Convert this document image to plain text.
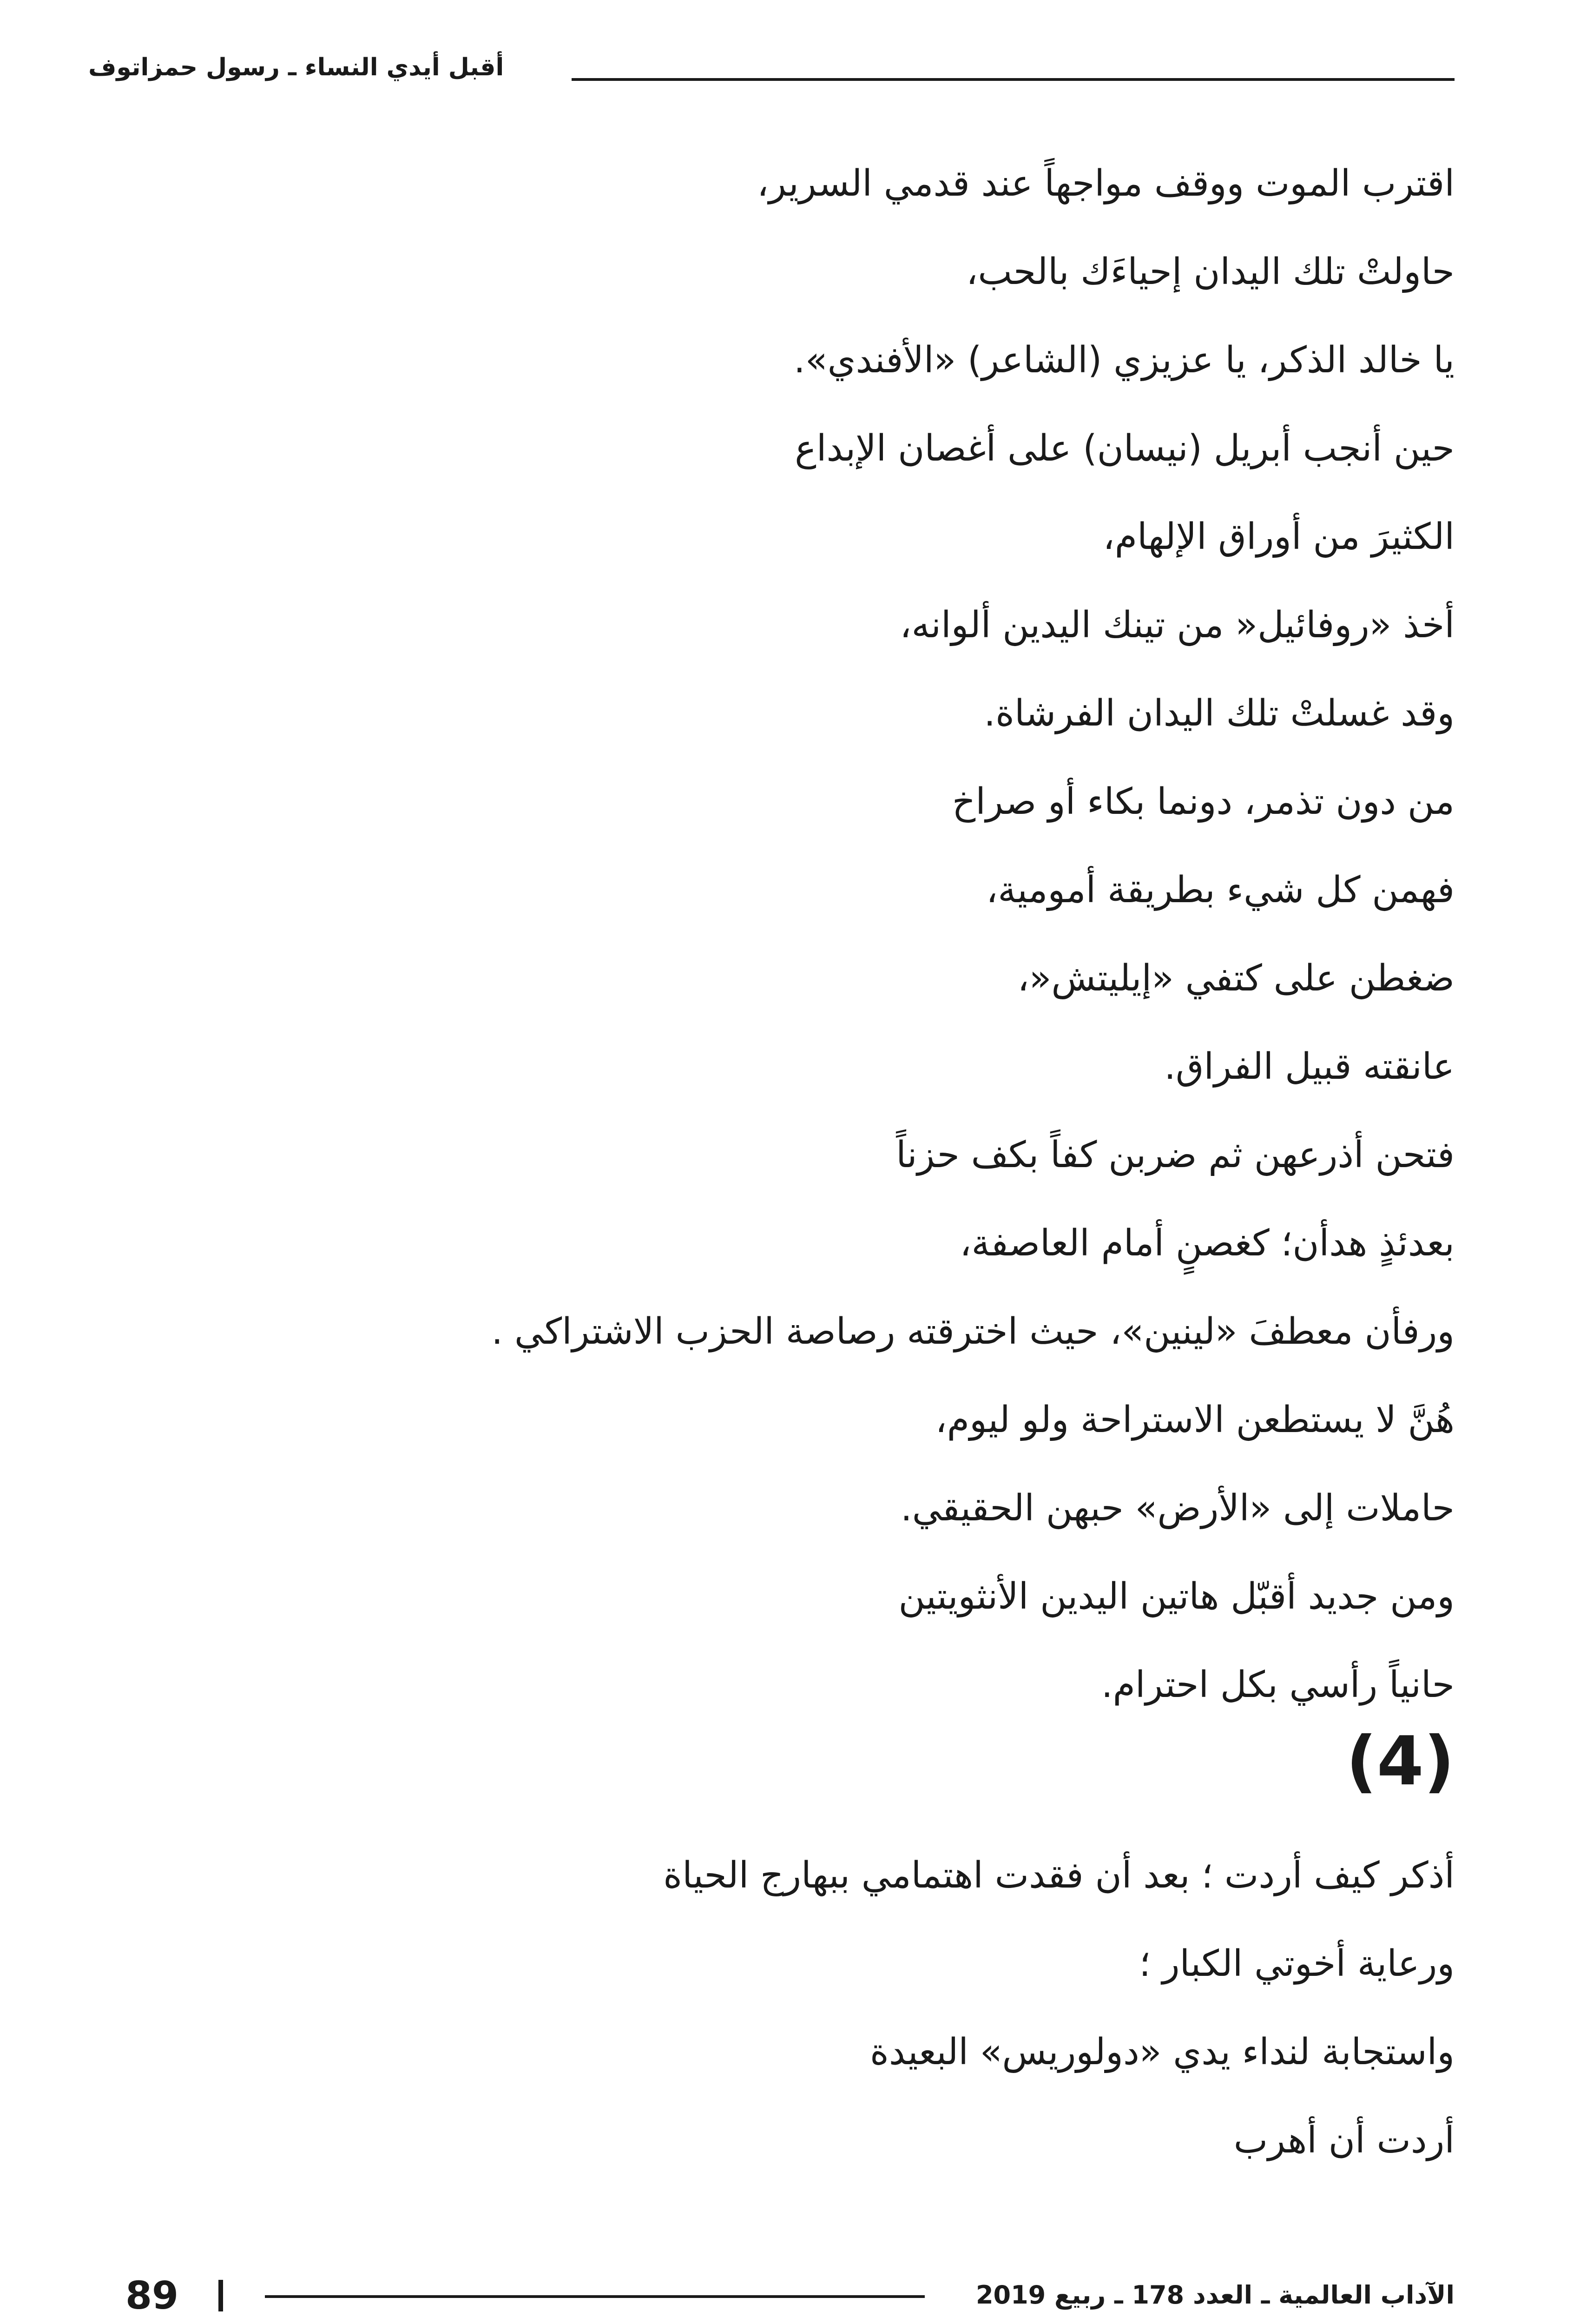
أقبل أيدي النساء ـ رسول حمزاتوف

اقترب الموت ووقف مواجهاً عند قدمي السرير،

حاولتْ تلك اليدان إحياءَك بالحب،

يا خالد الذكر، يا عزيزي (الشاعر) «الأفندي».

حين أنجب أبريل (نيسان) على أغصان الإبداع

الكثيرَ من أوراق الإلهام،

أخذ «روفائيل« من تينك اليدين ألوانه،

وقد غسلتْ تلك اليدان الفرشاة.

من دون تذمر، دونما بكاء أو صراخ

فهمن كل شيء بطريقة أمومية،

ضغطن على كتفي «إيليتش«،

عانقته قبيل الفراق.

فتحن أذرعهن ثم ضربن كفاً بكف حزناً

بعدئذٍ هدأن؛ كغصنٍ أمام العاصفة،

ورفأن معطفَ «لينين»، حيث اخترقته رصاصة الحزب الاشتراكي .

هُنَّ لا يستطعن الاستراحة ولو ليوم،

حاملات إلى «الأرض» حبهن الحقيقي.

ومن جديد أقبّل هاتين اليدين الأنثويتين

حانياً رأسي بكل احترام.

(4)

أذكر كيف أردت ؛ بعد أن فقدت اهتمامي ببهارج الحياة

ورعاية أخوتي الكبار ؛

واستجابة لنداء يدي «دولوريس» البعيدة

أردت أن أهرب

89	الآداب العالمية ـ العدد 178 ـ ربيع 2019
